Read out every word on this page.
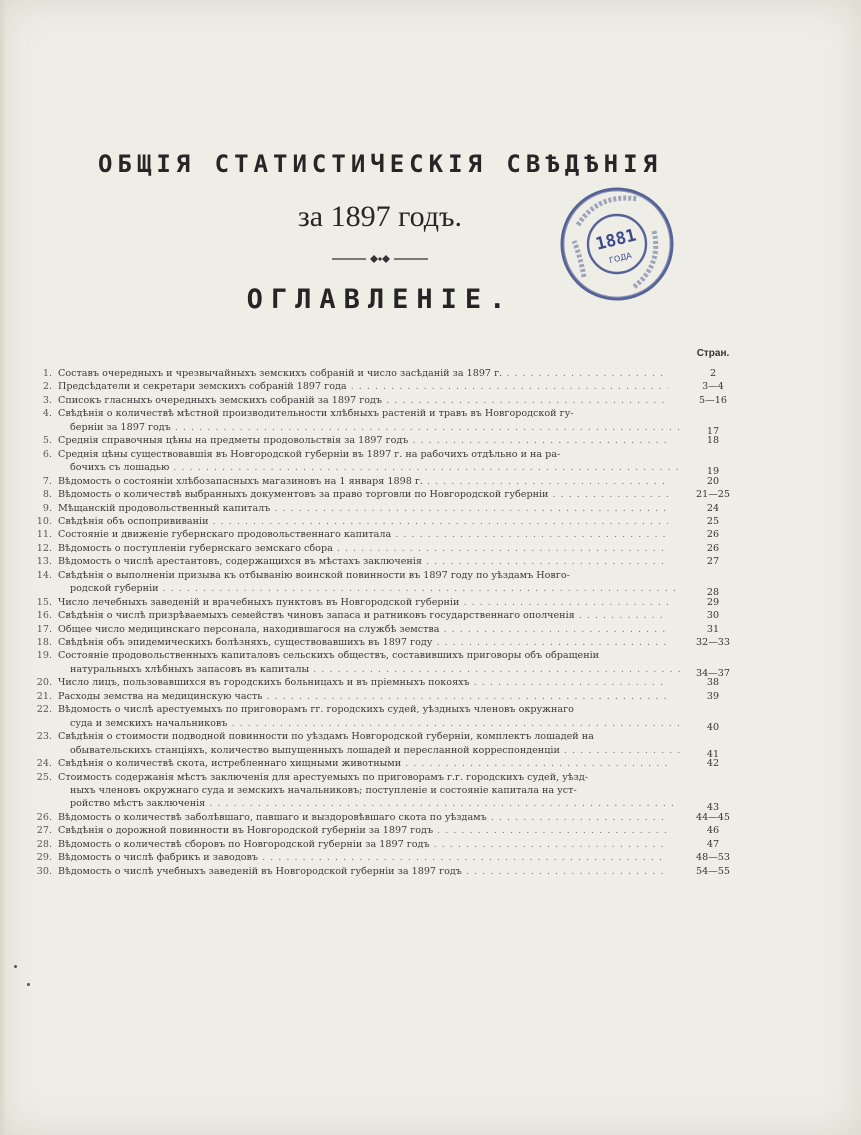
ОБЩІЯ СТАТИСТИЧЕСКІЯ СВѢДѢНІЯ
за 1897 годъ.
ОГЛАВЛЕНІЕ.
1881
ГОДА
Стран.
1. Составъ очередныхъ и чрезвычайныхъ земскихъ собраній и число засѣданій за 1897 г. . . .	2
2. Предсѣдатели и секретари земскихъ собраній 1897 года . . .	3—4
3. Списокъ гласныхъ очередныхъ земскихъ собраній за 1897 годъ . . .	5—16
4. Свѣдѣнія о количествѣ мѣстной производительности хлѣбныхъ растеній и травъ въ Новгородской гу-
берніи за 1897 годъ . . .	17
5. Среднія справочныя цѣны на предметы продовольствія за 1897 годъ . . .	18
6. Среднія цѣны существовавшія въ Новгородской губерніи въ 1897 г. на рабочихъ отдѣльно и на ра-
бочихъ съ лошадью . . .	19
7. Вѣдомость о состояніи хлѣбозапасныхъ магазиновъ на 1 января 1898 г. . . .	20
8. Вѣдомость о количествѣ выбранныхъ документовъ за право торговли по Новгородской губерніи . . .	21—25
9. Мѣщанскій продовольственный капиталъ . . .	24
10. Свѣдѣнія объ оспопрививаніи . . .	25
11. Состояніе и движеніе губернскаго продовольственнаго капитала . . .	26
12. Вѣдомость о поступленіи губернскаго земскаго сбора . . .	26
13. Вѣдомость о числѣ арестантовъ, содержащихся въ мѣстахъ заключенія . . .	27
14. Свѣдѣнія о выполненіи призыва къ отбыванію воинской повинности въ 1897 году по уѣздамъ Новго-
родской губерніи . . .	28
15. Число лечебныхъ заведеній и врачебныхъ пунктовъ въ Новгородской губерніи . . .	29
16. Свѣдѣнія о числѣ призрѣваемыхъ семействъ чиновъ запаса и ратниковъ государственнаго ополченія . . .	30
17. Общее число медицинскаго персонала, находившагося на службѣ земства . . .	31
18. Свѣдѣнія объ эпидемическихъ болѣзняхъ, существовавшихъ въ 1897 году . . .	32—33
19. Состояніе продовольственныхъ капиталовъ сельскихъ обществъ, составившихъ приговоры объ обращеніи
натуральныхъ хлѣбныхъ запасовъ въ капиталы . . .	34—37
20. Число лицъ, пользовавшихся въ городскихъ больницахъ и въ пріемныхъ покояхъ . . .	38
21. Расходы земства на медицинскую часть . . .	39
22. Вѣдомость о числѣ арестуемыхъ по приговорамъ гг. городскихъ судей, уѣздныхъ членовъ окружнаго
суда и земскихъ начальниковъ . . .	40
23. Свѣдѣнія о стоимости подводной повинности по уѣздамъ Новгородской губерніи, комплектъ лошадей на
обывательскихъ станціяхъ, количество выпущенныхъ лошадей и пересланной корреспонденціи . . .	41
24. Свѣдѣнія о количествѣ скота, истребленнаго хищными животными . . .	42
25. Стоимость содержанія мѣстъ заключенія для арестуемыхъ по приговорамъ г.г. городскихъ судей, уѣзд-
ныхъ членовъ окружнаго суда и земскихъ начальниковъ; поступленіе и состояніе капитала на уст-
ройство мѣстъ заключенія . . .	43
26. Вѣдомость о количествѣ заболѣвшаго, павшаго и выздоровѣвшаго скота по уѣздамъ . . .	44—45
27. Свѣдѣнія о дорожной повинности въ Новгородской губерніи за 1897 годъ . . .	46
28. Вѣдомость о количествѣ сборовъ по Новгородской губерніи за 1897 годъ . . .	47
29. Вѣдомость о числѣ фабрикъ и заводовъ . . .	48—53
30. Вѣдомость о числѣ учебныхъ заведеній въ Новгородской губерніи за 1897 годъ . . .	54—55
